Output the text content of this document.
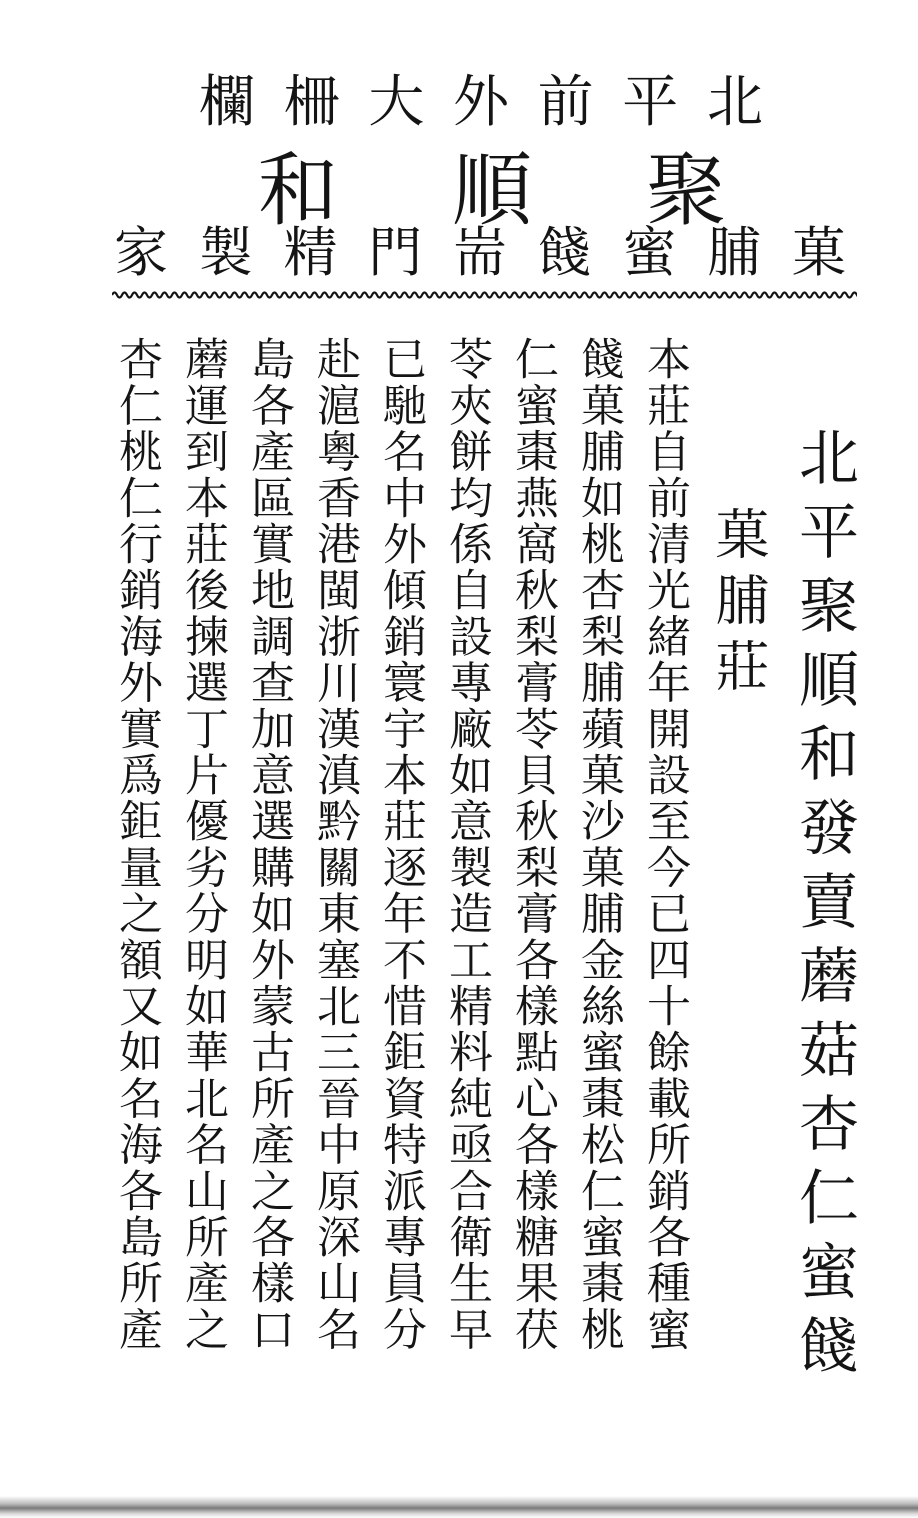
欄 柵 大 外 前 平 北
和 順 聚
家 製 精 門 耑 餞 蜜 脯 菓
北平聚順和發賣蘑菇杏仁蜜餞
菓脯莊
本莊自前清光緒年開設至今已四十餘載所銷各種蜜
餞菓脯如桃杏梨脯蘋菓沙菓脯金絲蜜棗松仁蜜棗桃
仁蜜棗燕窩秋梨膏苓貝秋梨膏各樣點心各樣糖果茯
苓夾餅均係自設專廠如意製造工精料純亟合衛生早
已馳名中外傾銷寰宇本莊逐年不惜鉅資特派專員分
赴滬粵香港閩浙川漢滇黔關東塞北三晉中原深山名
島各產區實地調查加意選購如外蒙古所產之各樣口
蘑運到本莊後揀選丁片優劣分明如華北名山所產之
杏仁桃仁行銷海外實爲鉅量之額又如名海各島所產
